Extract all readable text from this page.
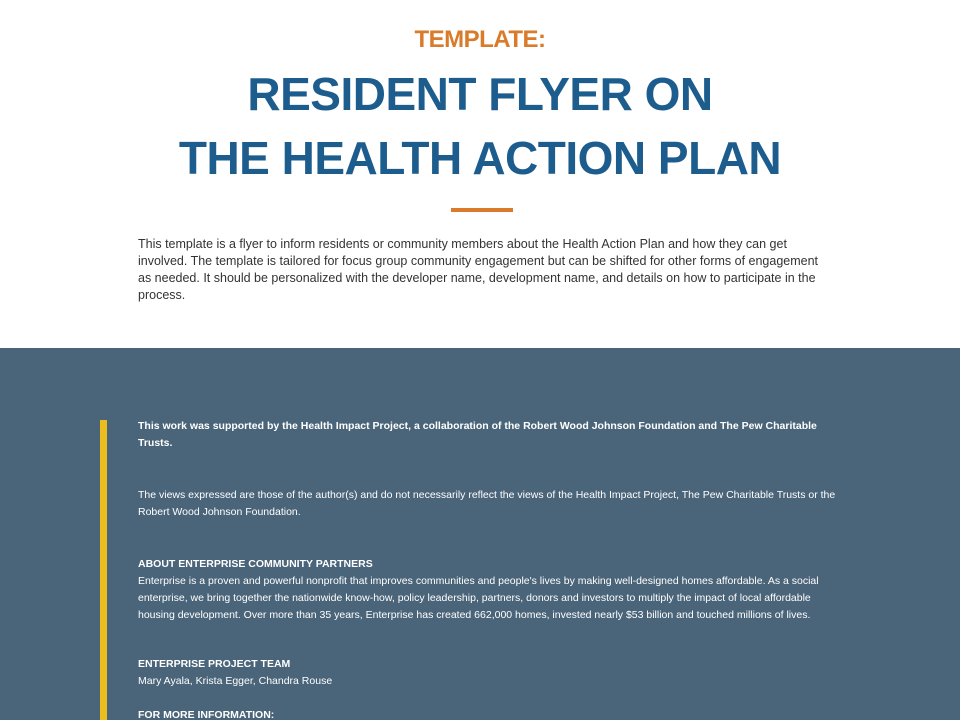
TEMPLATE:
RESIDENT FLYER ON
THE HEALTH ACTION PLAN
This template is a flyer to inform residents or community members about the Health Action Plan and how they can get involved. The template is tailored for focus group community engagement but can be shifted for other forms of engagement as needed. It should be personalized with the developer name, development name, and details on how to participate in the process.
This work was supported by the Health Impact Project, a collaboration of the Robert Wood Johnson Foundation and The Pew Charitable Trusts.
The views expressed are those of the author(s) and do not necessarily reflect the views of the Health Impact Project, The Pew Charitable Trusts or the Robert Wood Johnson Foundation.
ABOUT ENTERPRISE COMMUNITY PARTNERS
Enterprise is a proven and powerful nonprofit that improves communities and people's lives by making well-designed homes affordable. As a social enterprise, we bring together the nationwide know-how, policy leadership, partners, donors and investors to multiply the impact of local affordable housing development. Over more than 35 years, Enterprise has created 662,000 homes, invested nearly $53 billion and touched millions of lives.
ENTERPRISE PROJECT TEAM
Mary Ayala, Krista Egger, Chandra Rouse
FOR MORE INFORMATION:
